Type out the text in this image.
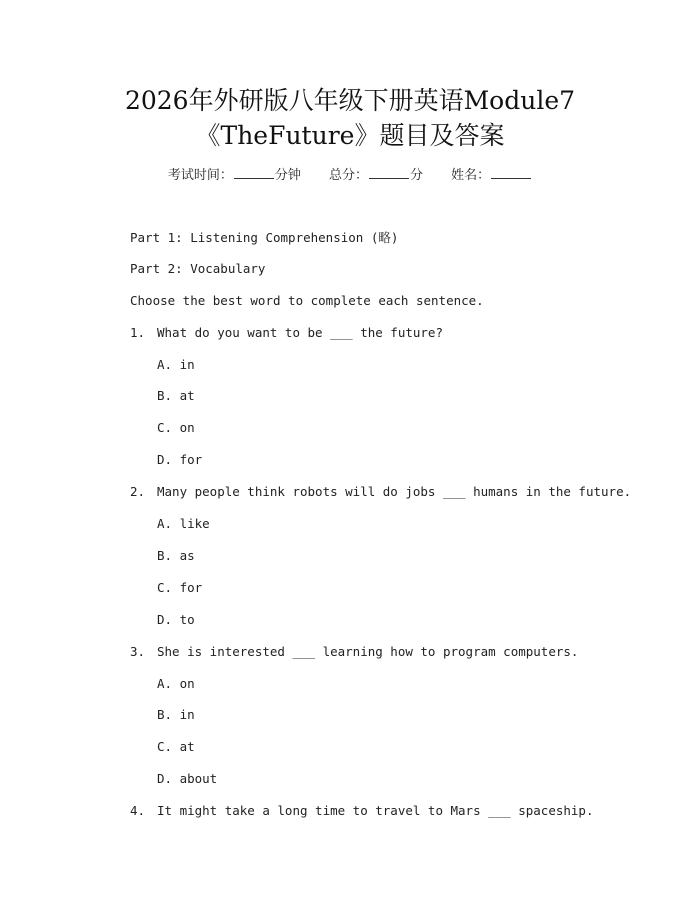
2026年外研版八年级下册英语Module7
《TheFuture》题目及答案
考试时间：	分钟 总分：	分 姓名：
Part 1: Listening Comprehension (略)
Part 2: Vocabulary
Choose the best word to complete each sentence.
1. What do you want to be ___ the future?
A. in
B. at
C. on
D. for
2. Many people think robots will do jobs ___ humans in the future.
A. like
B. as
C. for
D. to
3. She is interested ___ learning how to program computers.
A. on
B. in
C. at
D. about
4. It might take a long time to travel to Mars ___ spaceship.
